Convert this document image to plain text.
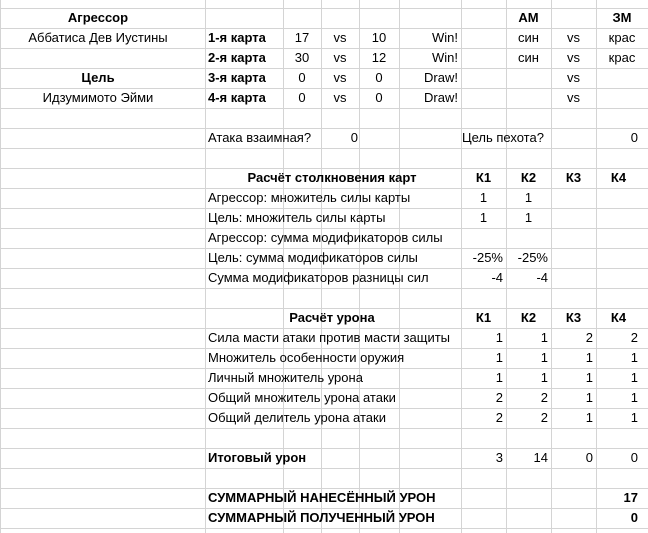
Агрессор
Аббатиса Дев Иустины
Цель
Идзумимото Эйми
АМ	ЗМ
1-я карта	17	vs	10	Win!	син	vs	крас
2-я карта	30	vs	12	Win!	син	vs	крас
3-я карта	0	vs	0	Draw!	vs
4-я карта	0	vs	0	Draw!	vs
Атака взаимная?	0	Цель пехота?	0
Расчёт столкновения карт	К1	К2	К3	К4
Агрессор: множитель силы карты	1	1
Цель: множитель силы карты	1	1
Агрессор: сумма модификаторов силы
Цель: сумма модификаторов силы	-25%	-25%
Сумма модификаторов разницы сил	-4	-4
Расчёт урона	К1	К2	К3	К4
Сила масти атаки против масти защиты	1	1	2	2
Множитель особенности оружия	1	1	1	1
Личный множитель урона	1	1	1	1
Общий множитель урона атаки	2	2	1	1
Общий делитель урона атаки	2	2	1	1
Итоговый урон	3	14	0	0
СУММАРНЫЙ НАНЕСЁННЫЙ УРОН	17
СУММАРНЫЙ ПОЛУЧЕННЫЙ УРОН	0
